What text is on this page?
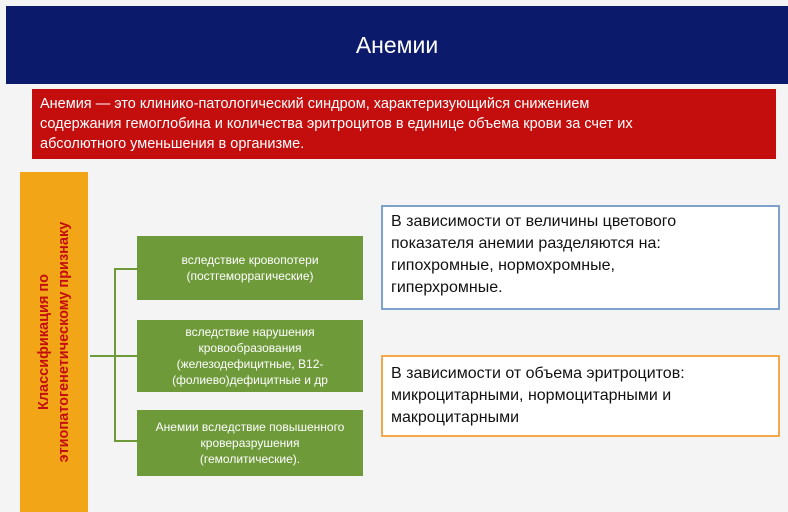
Анемии
Анемия — это клинико-патологический синдром, характеризующийся снижением
содержания гемоглобина и количества эритроцитов в единице объема крови за счет их
абсолютного уменьшения в организме.
Классификация по этиопатогенетическому признаку	вследствие кровопотери
(постгеморрагические)
вследствие нарушения
кровообразования
(железодефицитные, B12-
(фолиево)дефицитные и др
Анемии вследствие повышенного
кроверазрушения
(гемолитические).
В зависимости от величины цветового
показателя анемии разделяются на:
гипохромные, нормохромные,
гиперхромные.
В зависимости от объема эритроцитов:
микроцитарными, нормоцитарными и
макроцитарными
